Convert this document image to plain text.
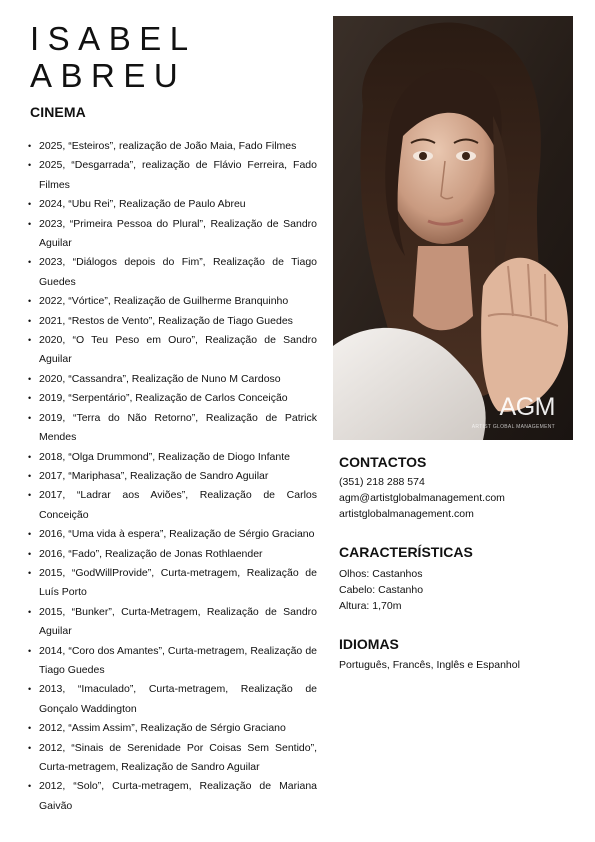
ISABEL
ABREU
CINEMA
• 2025, “Esteiros”, realização de João Maia, Fado Filmes
• 2025, “Desgarrada”, realização de Flávio Ferreira, Fado Filmes
• 2024, “Ubu Rei”, Realização de Paulo Abreu
• 2023, “Primeira Pessoa do Plural”, Realização de Sandro Aguilar
• 2023, “Diálogos depois do Fim”, Realização de Tiago Guedes
• 2022, “Vórtice”, Realização de Guilherme Branquinho
• 2021, “Restos de Vento”, Realização de Tiago Guedes
• 2020, “O Teu Peso em Ouro”, Realização de Sandro Aguilar
• 2020, “Cassandra”, Realização de Nuno M Cardoso
• 2019, “Serpentário”, Realização de Carlos Conceição
• 2019, “Terra do Não Retorno”, Realização de Patrick Mendes
• 2018, “Olga Drummond”, Realização de Diogo Infante
• 2017, “Mariphasa”, Realização de Sandro Aguilar
• 2017, “Ladrar aos Aviões”, Realização de Carlos Conceição
• 2016, “Uma vida à espera”, Realização de Sérgio Graciano
• 2016, “Fado”, Realização de Jonas Rothlaender
• 2015, “GodWillProvide”, Curta-metragem, Realização de Luís Porto
• 2015, “Bunker”, Curta-Metragem, Realização de Sandro Aguilar
• 2014, “Coro dos Amantes”, Curta-metragem, Realização de Tiago Guedes
• 2013, “Imaculado”, Curta-metragem, Realização de Gonçalo Waddington
• 2012, “Assim Assim”, Realização de Sérgio Graciano
• 2012, “Sinais de Serenidade Por Coisas Sem Sentido”, Curta-metragem, Realização de Sandro Aguilar
• 2012, “Solo”, Curta-metragem, Realização de Mariana Gaivão
AGM
ARTIST GLOBAL MANAGEMENT
CONTACTOS

(351) 218 288 574

agm@artistglobalmanagement.com

artistglobalmanagement.com

CARACTERÍSTICAS

Olhos: Castanhos

Cabelo: Castanho

Altura: 1,70m

IDIOMAS

Português, Francês, Inglês e Espanhol
